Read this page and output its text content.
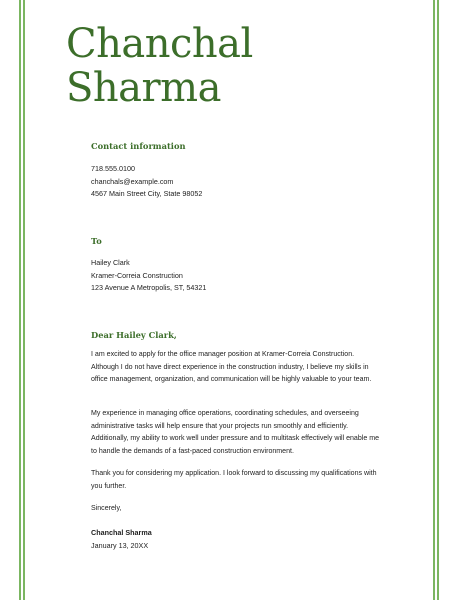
Chanchal
Sharma
Contact information
718.555.0100
chanchals@example.com
4567 Main Street City, State 98052
To
Hailey Clark
Kramer-Correia Construction
123 Avenue A Metropolis, ST, 54321
Dear Hailey Clark,

I am excited to apply for the office manager position at Kramer-Correia Construction. Although I do not have direct experience in the construction industry, I believe my skills in office management, organization, and communication will be highly valuable to your team.

My experience in managing office operations, coordinating schedules, and overseeing administrative tasks will help ensure that your projects run smoothly and efficiently. Additionally, my ability to work well under pressure and to multitask effectively will enable me to handle the demands of a fast-paced construction environment.

Thank you for considering my application. I look forward to discussing my qualifications with you further.

Sincerely,

Chanchal Sharma
January 13, 20XX
